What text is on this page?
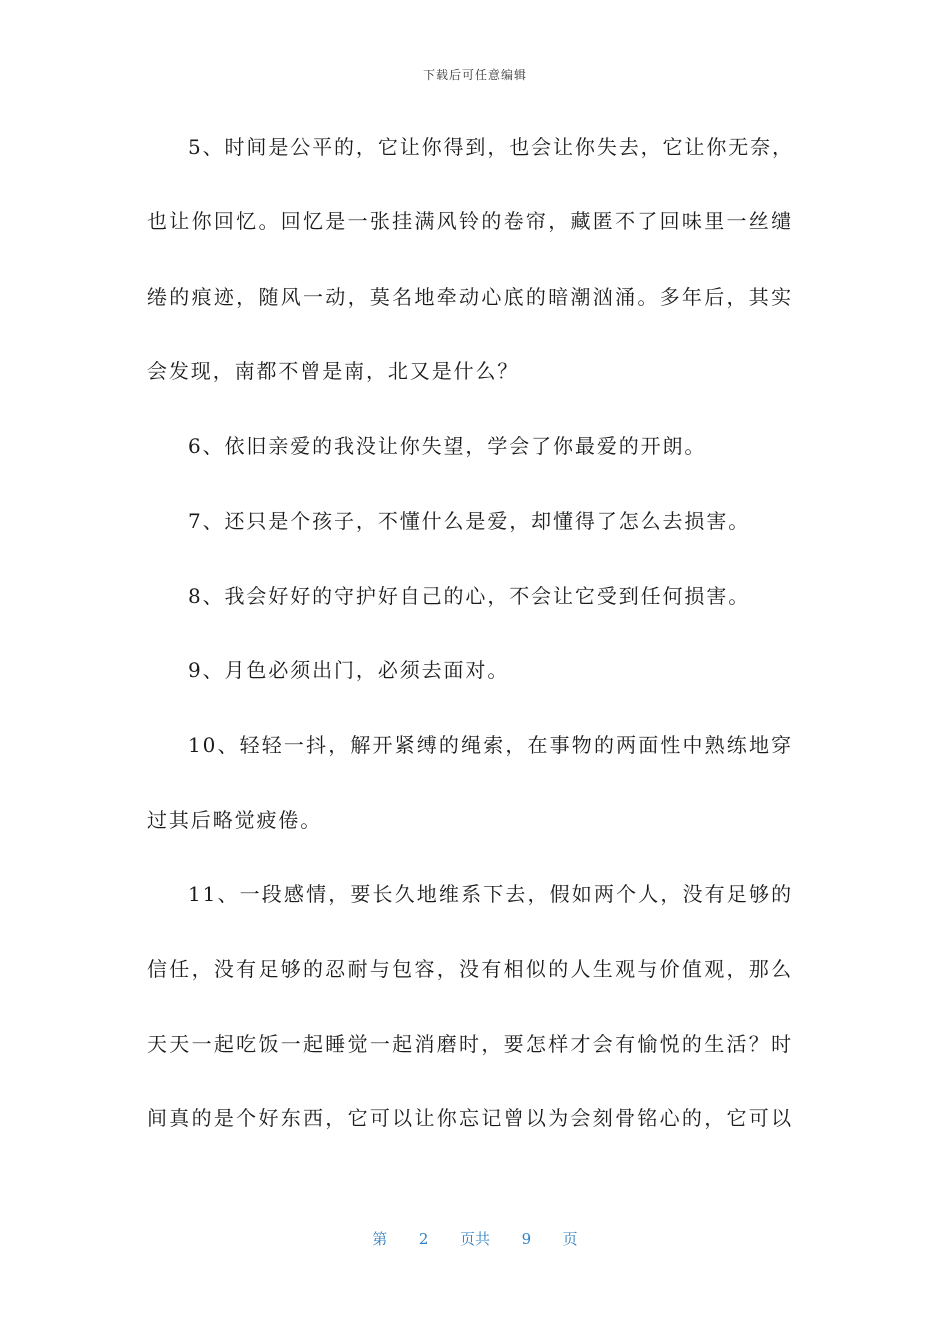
下载后可任意编辑
5、时间是公平的，它让你得到，也会让你失去，它让你无奈，
也让你回忆。回忆是一张挂满风铃的卷帘，藏匿不了回味里一丝缱
绻的痕迹，随风一动，莫名地牵动心底的暗潮汹涌。多年后，其实
会发现，南都不曾是南，北又是什么？
6、依旧亲爱的我没让你失望，学会了你最爱的开朗。
7、还只是个孩子，不懂什么是爱，却懂得了怎么去损害。
8、我会好好的守护好自己的心，不会让它受到任何损害。
9、月色必须出门，必须去面对。
10、轻轻一抖，解开紧缚的绳索，在事物的两面性中熟练地穿
过其后略觉疲倦。
11、一段感情，要长久地维系下去，假如两个人，没有足够的
信任，没有足够的忍耐与包容，没有相似的人生观与价值观，那么
天天一起吃饭一起睡觉一起消磨时，要怎样才会有愉悦的生活？时
间真的是个好东西，它可以让你忘记曾以为会刻骨铭心的，它可以
第 2 页共 9 页
